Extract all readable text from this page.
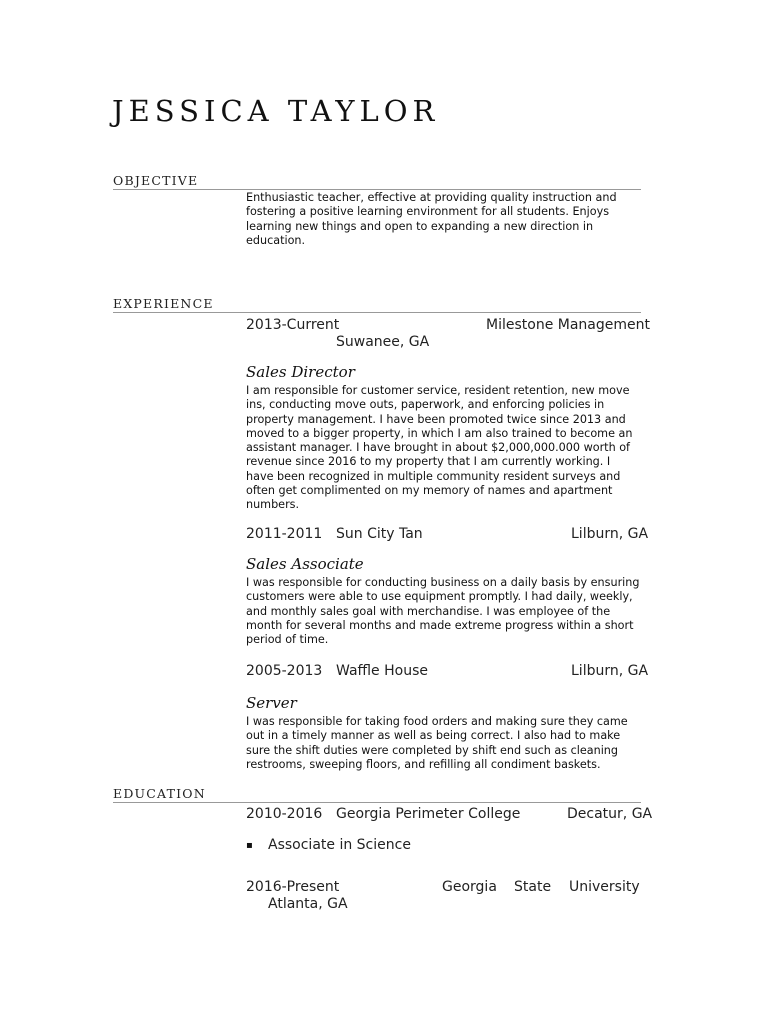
JESSICA TAYLOR
OBJECTIVE
Enthusiastic teacher, effective at providing quality instruction and fostering a positive learning environment for all students. Enjoys learning new things and open to expanding a new direction in education.
EXPERIENCE
2013-Current	Milestone Management
Suwanee, GA
Sales Director
I am responsible for customer service, resident retention, new move ins, conducting move outs, paperwork, and enforcing policies in property management. I have been promoted twice since 2013 and moved to a bigger property, in which I am also trained to become an assistant manager. I have brought in about $2,000,000.000 worth of revenue since 2016 to my property that I am currently working. I have been recognized in multiple community resident surveys and often get complimented on my memory of names and apartment numbers.
2011-2011 Sun City Tan	Lilburn, GA
Sales Associate
I was responsible for conducting business on a daily basis by ensuring customers were able to use equipment promptly. I had daily, weekly, and monthly sales goal with merchandise. I was employee of the month for several months and made extreme progress within a short period of time.
2005-2013 Waffle House	Lilburn, GA
Server
I was responsible for taking food orders and making sure they came out in a timely manner as well as being correct. I also had to make sure the shift duties were completed by shift end such as cleaning restrooms, sweeping floors, and refilling all condiment baskets.
EDUCATION
2010-2016 Georgia Perimeter College	Decatur, GA
▪ Associate in Science
2016-Present	Georgia State University
Atlanta, GA
